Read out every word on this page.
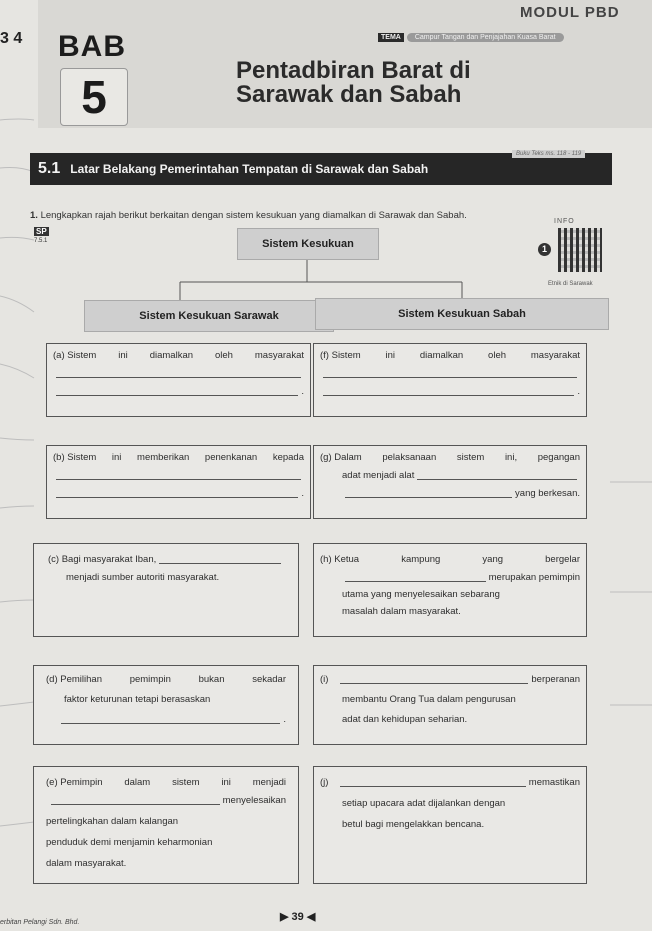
MODUL PBD
3 4 BAB
5
TEMA	Campur Tangan dan Penjajahan Kuasa Barat
Pentadbiran Barat di
Sarawak dan Sabah
5.1 Latar Belakang Pemerintahan Tempatan di Sarawak dan Sabah
Buku Teks ms. 118 - 119
1. Lengkapkan rajah berikut berkaitan dengan sistem kesukuan yang diamalkan di Sarawak dan Sabah.
INFO
SP
7.5.1
1
Etnik di Sarawak
Sistem Kesukuan
Sistem Kesukuan Sarawak	Sistem Kesukuan Sabah
(a)
Sistem ini diamalkan oleh masyarakat
.
(f)
Sistem ini diamalkan oleh masyarakat
.
(b)
Sistem ini memberikan penenkanan kepada
.
(g)
Dalam pelaksanaan sistem ini, pegangan
adat menjadi alat
yang berkesan.
(c)
Bagi masyarakat Iban,
menjadi sumber autoriti masyarakat.
(h)
Ketua kampung yang bergelar
merupakan pemimpin
utama yang menyelesaikan sebarang
masalah dalam masyarakat.
(d)
Pemilihan pemimpin bukan sekadar
faktor keturunan tetapi berasaskan
.
(i)	berperanan
membantu Orang Tua dalam pengurusan
adat dan kehidupan seharian.
(e)
Pemimpin dalam sistem ini menjadi
menyelesaikan
pertelingkahan dalam kalangan
penduduk demi menjamin keharmonian
dalam masyarakat.
(j)	memastikan
setiap upacara adat dijalankan dengan
betul bagi mengelakkan bencana.
erbitan Pelangi Sdn. Bhd.	▶ 39 ◀
